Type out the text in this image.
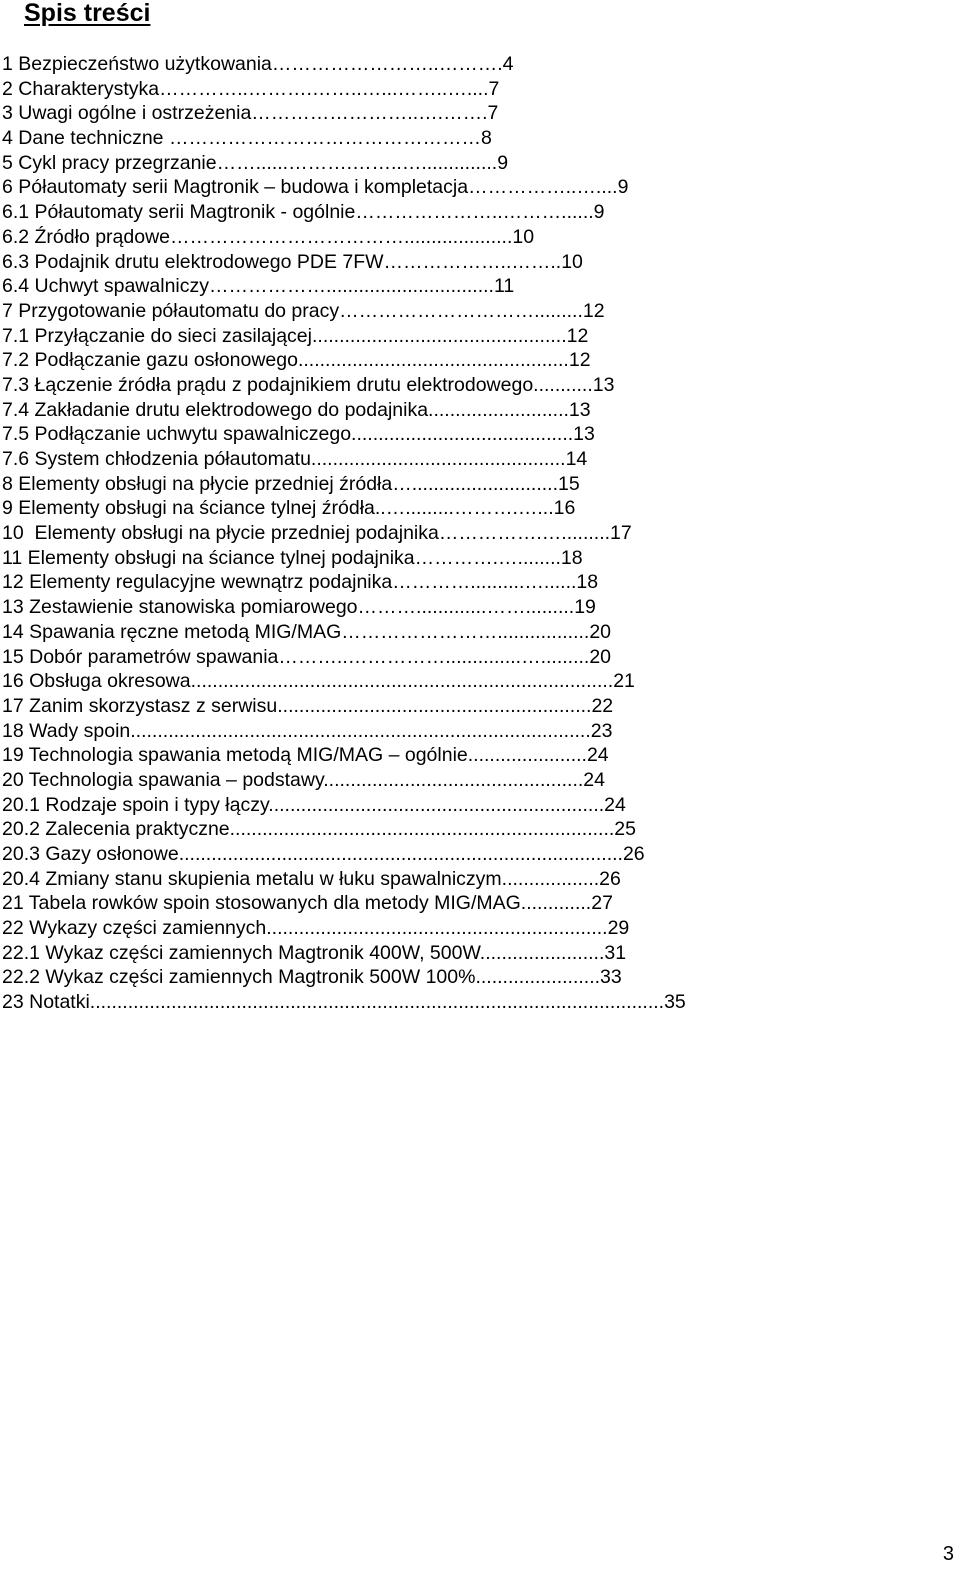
Spis treści
1 Bezpieczeństwo użytkowania……………………..……….4
2 Charakterystyka…………..……….……..…...……..…....7
3 Uwagi ogólne i ostrzeżenia……………………..….…….7
4 Dane techniczne …………………………………………8
5 Cykl pracy przegrzanie……......……….……..…..............9
6 Półautomaty serii Magtronik – budowa i kompletacja……………..…....9
6.1 Półautomaty serii Magtronik - ogólnie…………………..………......9
6.2 Źródło prądowe………………………………....................10
6.3 Podajnik drutu elektrodowego PDE 7FW………………..……..10
6.4 Uchwyt spawalniczy………………...............................11
7 Przygotowanie półautomatu do pracy………………………….........12
7.1 Przyłączanie do sieci zasilającej...............................................12
7.2 Podłączanie gazu osłonowego..................................................12
7.3 Łączenie źródła prądu z podajnikiem drutu elektrodowego...........13
7.4 Zakładanie drutu elektrodowego do podajnika..........................13
7.5 Podłączanie uchwytu spawalniczego.........................................13
7.6 System chłodzenia półautomatu...............................................14
8 Elementy obsługi na płycie przedniej źródła…...........................15
9 Elementy obsługi na ściance tylnej źródła..….........……….…...16
10  Elementy obsługi na płycie przedniej podajnika…………….….........17
11 Elementy obsługi na ściance tylnej podajnika………….…........18
12 Elementy regulacyjne wewnątrz podajnika…………..........…......18
13 Zestawienie stanowiska pomiarowego……….............…….........19
14 Spawania ręczne metodą MIG/MAG…………………….................20
15 Dobór parametrów spawania………..……………..............….........20
16 Obsługa okresowa..............................................................................21
17 Zanim skorzystasz z serwisu..........................................................22
18 Wady spoin.....................................................................................23
19 Technologia spawania metodą MIG/MAG – ogólnie......................24
20 Technologia spawania – podstawy................................................24
20.1 Rodzaje spoin i typy łączy..............................................................24
20.2 Zalecenia praktyczne.......................................................................25
20.3 Gazy osłonowe..................................................................................26
20.4 Zmiany stanu skupienia metalu w łuku spawalniczym..................26
21 Tabela rowków spoin stosowanych dla metody MIG/MAG.............27
22 Wykazy części zamiennych...............................................................29
22.1 Wykaz części zamiennych Magtronik 400W, 500W.......................31
22.2 Wykaz części zamiennych Magtronik 500W 100%.......................33
23 Notatki..........................................................................................................35
3
